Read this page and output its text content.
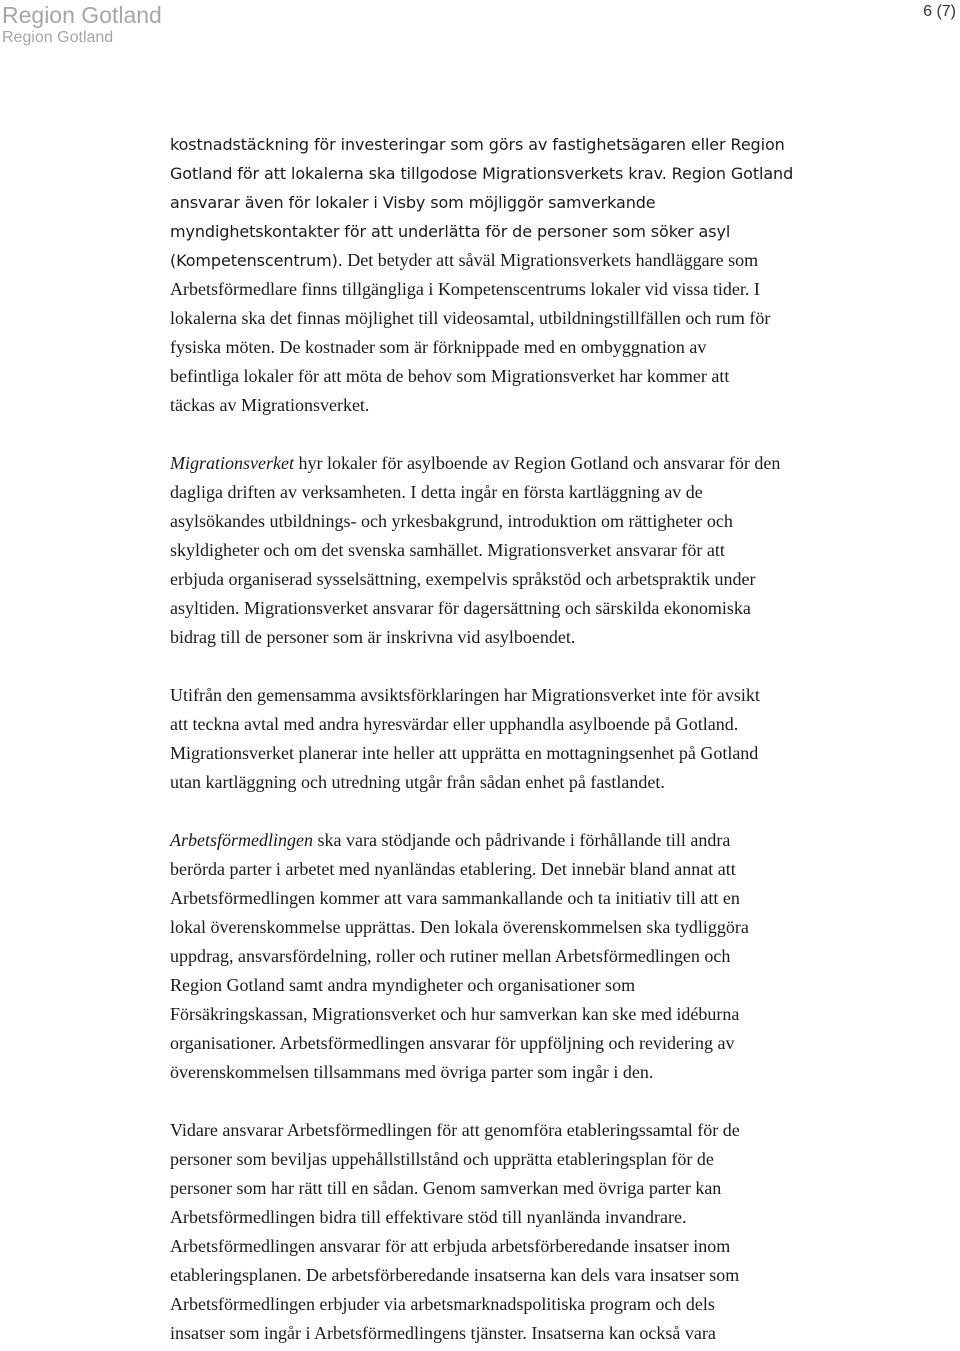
Region Gotland
Region Gotland
6 (7)

kostnadstäckning för investeringar som görs av fastighetsägaren eller Region
Gotland för att lokalerna ska tillgodose Migrationsverkets krav. Region Gotland
ansvarar även för lokaler i Visby som möjliggör samverkande
myndighetskontakter för att underlätta för de personer som söker asyl
(Kompetenscentrum). Det betyder att såväl Migrationsverkets handläggare som
Arbetsförmedlare finns tillgängliga i Kompetenscentrums lokaler vid vissa tider. I
lokalerna ska det finnas möjlighet till videosamtal, utbildningstillfällen och rum för
fysiska möten. De kostnader som är förknippade med en ombyggnation av
befintliga lokaler för att möta de behov som Migrationsverket har kommer att
täckas av Migrationsverket.

Migrationsverket hyr lokaler för asylboende av Region Gotland och ansvarar för den
dagliga driften av verksamheten. I detta ingår en första kartläggning av de
asylsökandes utbildnings- och yrkesbakgrund, introduktion om rättigheter och
skyldigheter och om det svenska samhället. Migrationsverket ansvarar för att
erbjuda organiserad sysselsättning, exempelvis språkstöd och arbetspraktik under
asyltiden. Migrationsverket ansvarar för dagersättning och särskilda ekonomiska
bidrag till de personer som är inskrivna vid asylboendet.

Utifrån den gemensamma avsiktsförklaringen har Migrationsverket inte för avsikt
att teckna avtal med andra hyresvärdar eller upphandla asylboende på Gotland.
Migrationsverket planerar inte heller att upprätta en mottagningsenhet på Gotland
utan kartläggning och utredning utgår från sådan enhet på fastlandet.

Arbetsförmedlingen ska vara stödjande och pådrivande i förhållande till andra
berörda parter i arbetet med nyanländas etablering. Det innebär bland annat att
Arbetsförmedlingen kommer att vara sammankallande och ta initiativ till att en
lokal överenskommelse upprättas. Den lokala överenskommelsen ska tydliggöra
uppdrag, ansvarsfördelning, roller och rutiner mellan Arbetsförmedlingen och
Region Gotland samt andra myndigheter och organisationer som
Försäkringskassan, Migrationsverket och hur samverkan kan ske med idéburna
organisationer. Arbetsförmedlingen ansvarar för uppföljning och revidering av
överenskommelsen tillsammans med övriga parter som ingår i den.

Vidare ansvarar Arbetsförmedlingen för att genomföra etableringssamtal för de
personer som beviljas uppehållstillstånd och upprätta etableringsplan för de
personer som har rätt till en sådan. Genom samverkan med övriga parter kan
Arbetsförmedlingen bidra till effektivare stöd till nyanlända invandrare.
Arbetsförmedlingen ansvarar för att erbjuda arbetsförberedande insatser inom
etableringsplanen. De arbetsförberedande insatserna kan dels vara insatser som
Arbetsförmedlingen erbjuder via arbetsmarknadspolitiska program och dels
insatser som ingår i Arbetsförmedlingens tjänster. Insatserna kan också vara
